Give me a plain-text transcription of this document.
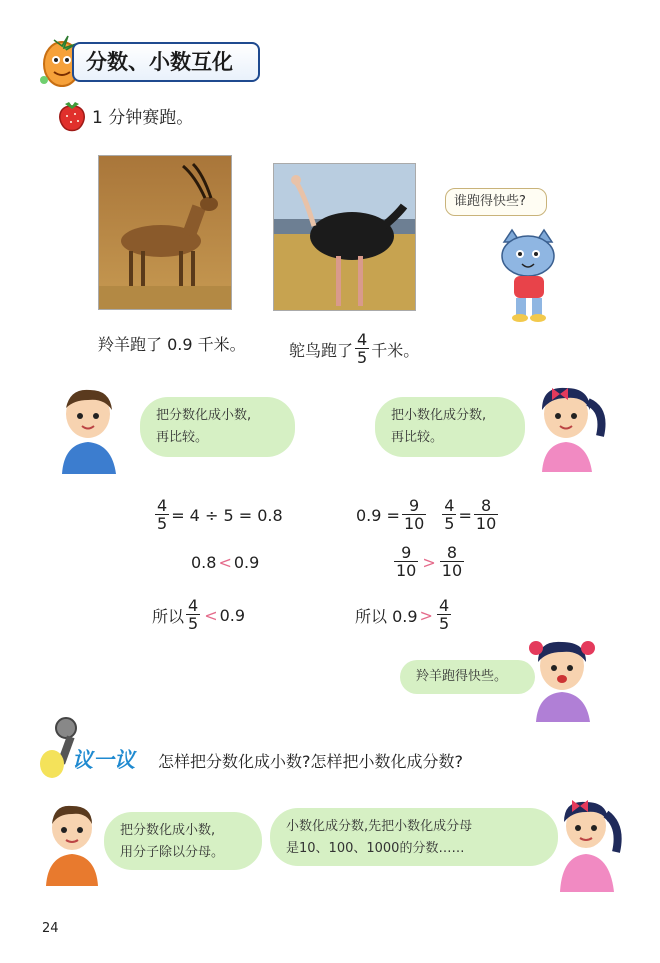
分数、小数互化
1 分钟赛跑。
谁跑得快些?
羚羊跑了 0.9 千米。	鸵鸟跑了 $\frac{4}{5}$ 千米。
把分数化成小数,
再比较。
把小数化成分数,
再比较。
$\frac{4}{5} = 4 \div 5 = 0.8$
0.8 < 0.9
所以 $\frac{4}{5} < 0.9$
$0.9 = \frac{9}{10} \frac{4}{5} = \frac{8}{10}$
$\frac{9}{10} > \frac{8}{10}$
所以 $0.9 > \frac{4}{5}$
羚羊跑得快些。
议一议 怎样把分数化成小数?怎样把小数化成分数?
把分数化成小数,
用分子除以分母。
小数化成分数,先把小数化成分母
是10、100、1000的分数……
24
